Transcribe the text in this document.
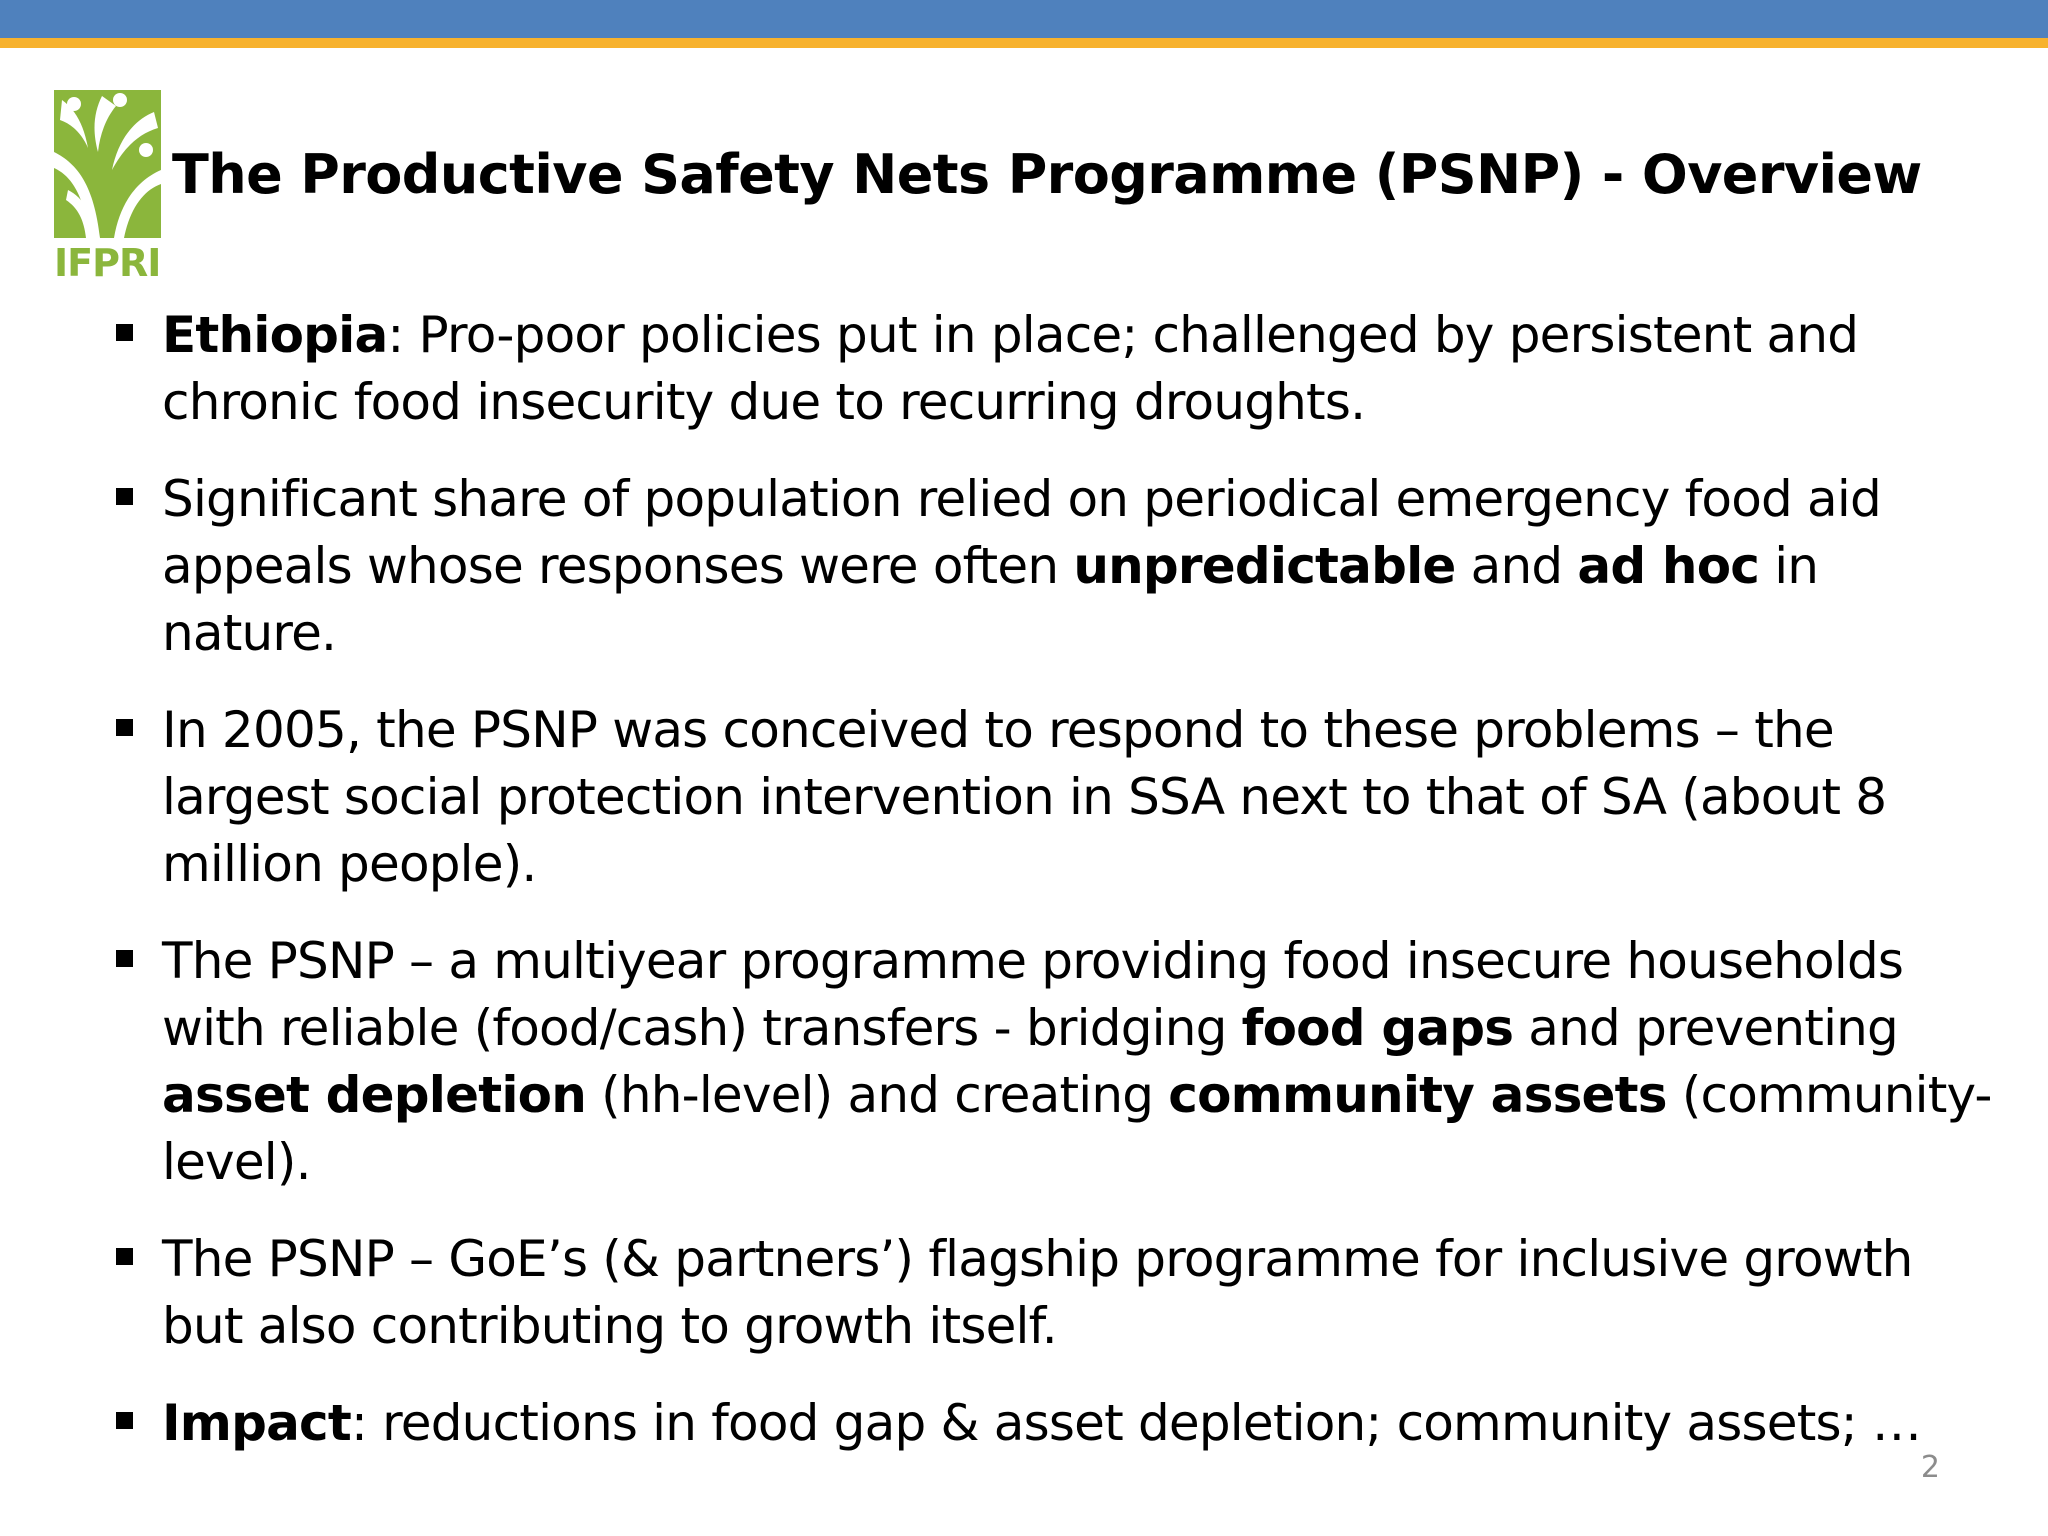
IFPRI
The Productive Safety Nets Programme (PSNP) - Overview
Ethiopia: Pro-poor policies put in place; challenged by persistent and
chronic food insecurity due to recurring droughts.
Significant share of population relied on periodical emergency food aid
appeals whose responses were often unpredictable and ad hoc in
nature.
In 2005, the PSNP was conceived to respond to these problems – the
largest social protection intervention in SSA next to that of SA (about 8
million people).
The PSNP – a multiyear programme providing food insecure households
with reliable (food/cash) transfers - bridging food gaps and preventing
asset depletion (hh-level) and creating community assets (community-
level).
The PSNP – GoE’s (& partners’) flagship programme for inclusive growth
but also contributing to growth itself.
Impact: reductions in food gap & asset depletion; community assets; …
2
